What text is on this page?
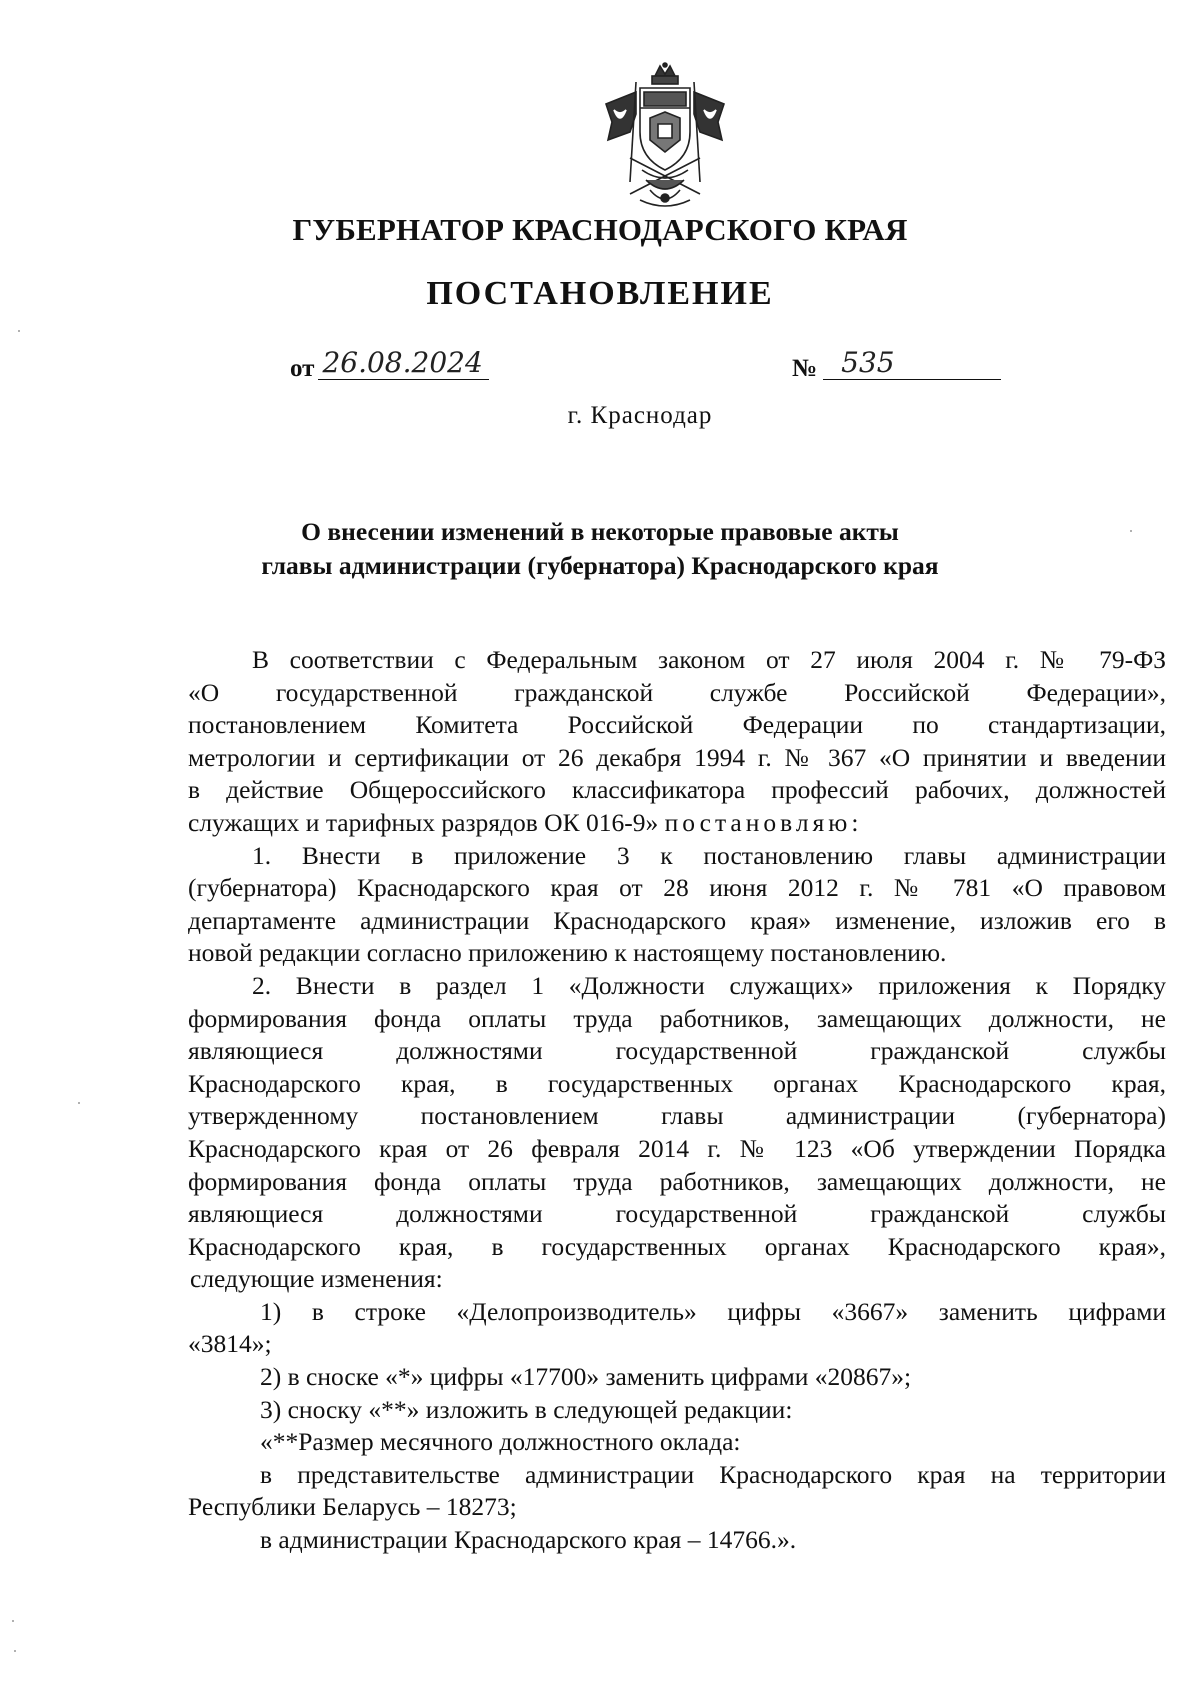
ГУБЕРНАТОР КРАСНОДАРСКОГО КРАЯ
ПОСТАНОВЛЕНИЕ
от 26.08.2024	№ 535
г. Краснодар
О внесении изменений в некоторые правовые акты
главы администрации (губернатора) Краснодарского края

В соответствии с Федеральным законом от 27 июля 2004 г. № 79-ФЗ

«О государственной гражданской службе Российской Федерации»,

постановлением Комитета Российской Федерации по стандартизации,

метрологии и сертификации от 26 декабря 1994 г. № 367 «О принятии и введении

в действие Общероссийского классификатора профессий рабочих, должностей

служащих и тарифных разрядов ОК 016-9» постановляю:

1. Внести в приложение 3 к постановлению главы администрации

(губернатора) Краснодарского края от 28 июня 2012 г. № 781 «О правовом

департаменте администрации Краснодарского края» изменение, изложив его в

новой редакции согласно приложению к настоящему постановлению.

2. Внести в раздел 1 «Должности служащих» приложения к Порядку

формирования фонда оплаты труда работников, замещающих должности, не

являющиеся должностями государственной гражданской службы

Краснодарского края, в государственных органах Краснодарского края,

утвержденному постановлением главы администрации (губернатора)

Краснодарского края от 26 февраля 2014 г. № 123 «Об утверждении Порядка

формирования фонда оплаты труда работников, замещающих должности, не

являющиеся должностями государственной гражданской службы

Краснодарского края, в государственных органах Краснодарского края»,

следующие изменения:

1) в строке «Делопроизводитель» цифры «3667» заменить цифрами

«3814»;

2) в сноске «*» цифры «17700» заменить цифрами «20867»;

3) сноску «**» изложить в следующей редакции:

«**Размер месячного должностного оклада:

в представительстве администрации Краснодарского края на территории

Республики Беларусь – 18273;

в администрации Краснодарского края – 14766.».
